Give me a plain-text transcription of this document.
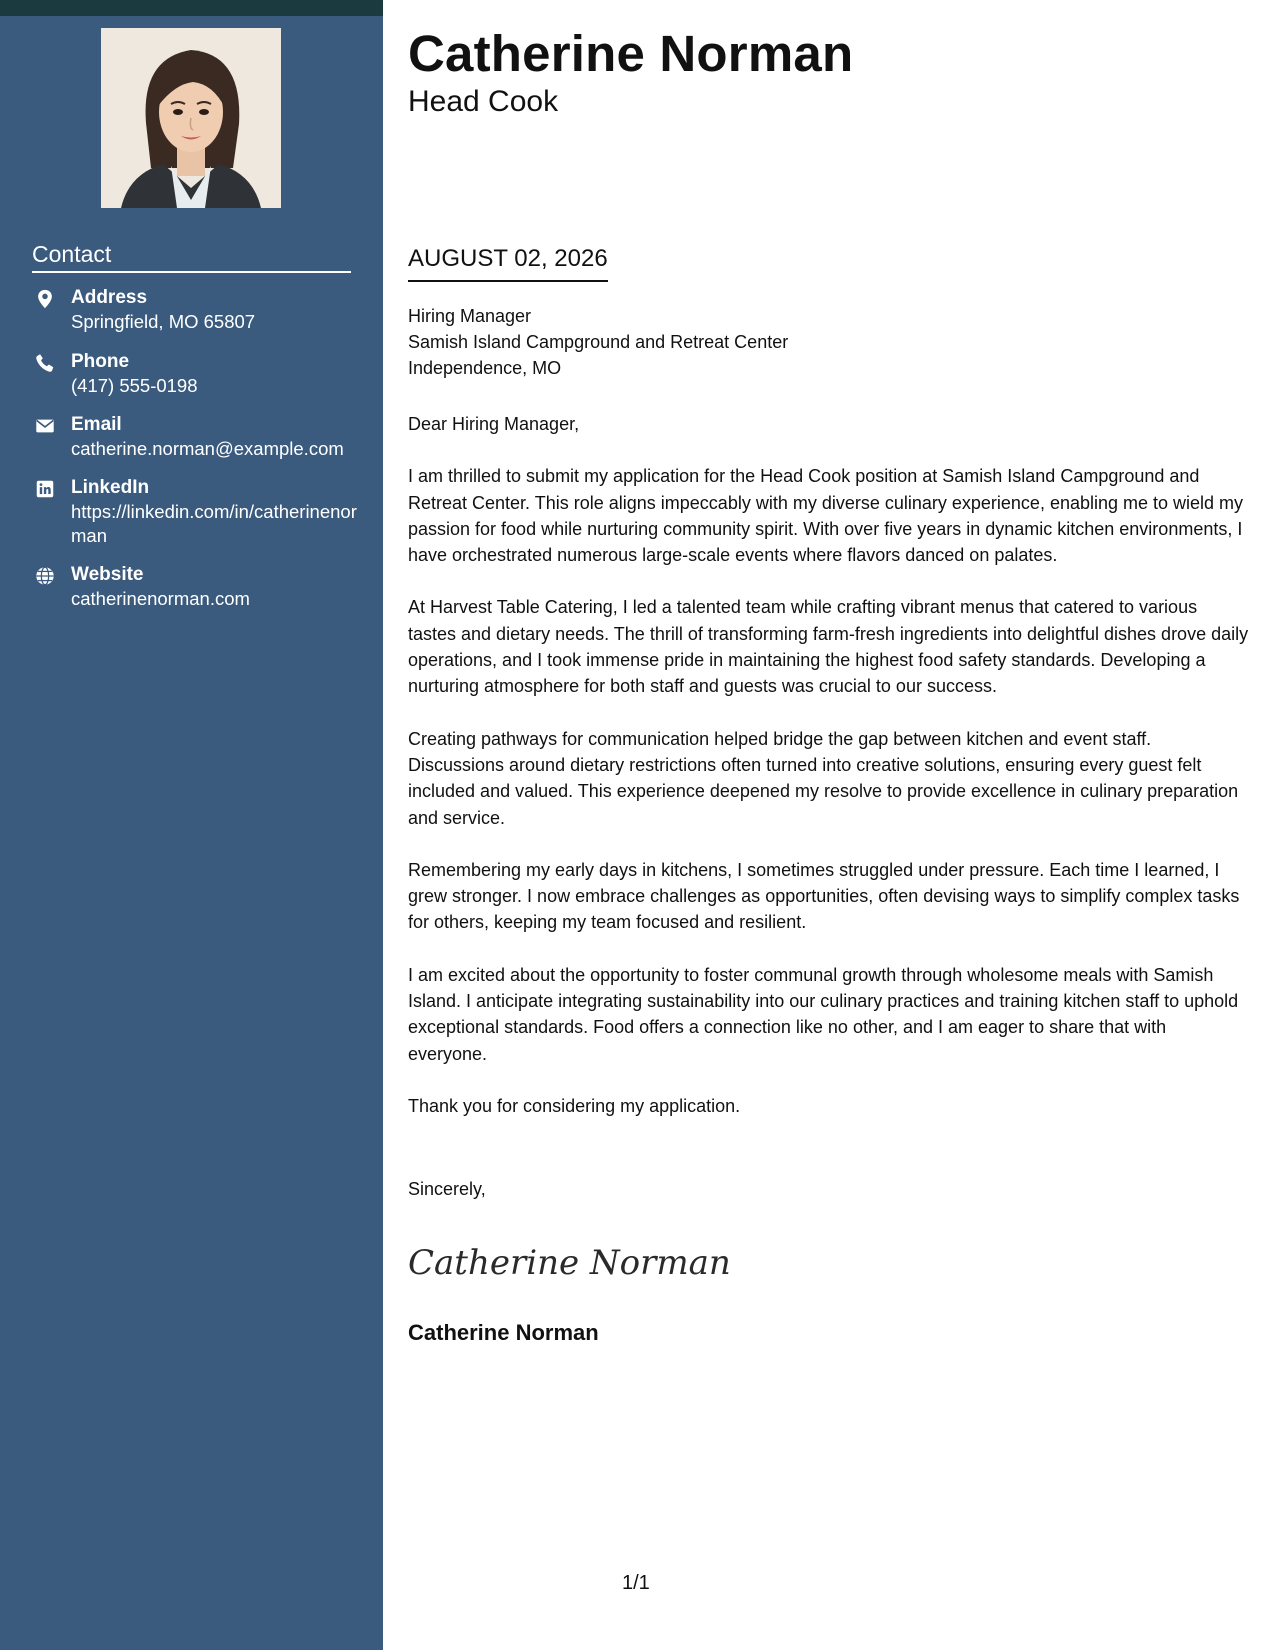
Contact
Address
Springfield, MO 65807
Phone
(417) 555-0198
Email
catherine.norman@example.com
LinkedIn
https://linkedin.com/in/catherinenorman
Website
catherinenorman.com
Catherine Norman
Head Cook
AUGUST 02, 2026
Hiring Manager
Samish Island Campground and Retreat Center
Independence, MO

Dear Hiring Manager,

I am thrilled to submit my application for the Head Cook position at Samish Island Campground and Retreat Center. This role aligns impeccably with my diverse culinary experience, enabling me to wield my passion for food while nurturing community spirit. With over five years in dynamic kitchen environments, I have orchestrated numerous large-scale events where flavors danced on palates.

At Harvest Table Catering, I led a talented team while crafting vibrant menus that catered to various tastes and dietary needs. The thrill of transforming farm-fresh ingredients into delightful dishes drove daily operations, and I took immense pride in maintaining the highest food safety standards. Developing a nurturing atmosphere for both staff and guests was crucial to our success.

Creating pathways for communication helped bridge the gap between kitchen and event staff. Discussions around dietary restrictions often turned into creative solutions, ensuring every guest felt included and valued. This experience deepened my resolve to provide excellence in culinary preparation and service.

Remembering my early days in kitchens, I sometimes struggled under pressure. Each time I learned, I grew stronger. I now embrace challenges as opportunities, often devising ways to simplify complex tasks for others, keeping my team focused and resilient.

I am excited about the opportunity to foster communal growth through wholesome meals with Samish Island. I anticipate integrating sustainability into our culinary practices and training kitchen staff to uphold exceptional standards. Food offers a connection like no other, and I am eager to share that with everyone.

Thank you for considering my application.

Sincerely,
Catherine Norman
Catherine Norman
1/1
